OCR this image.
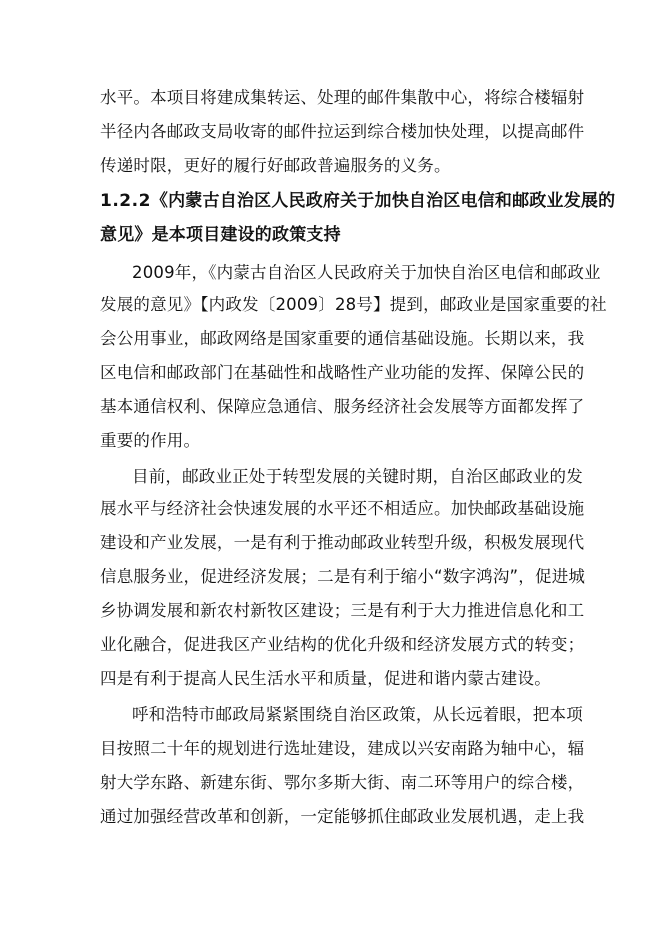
水平。本项目将建成集转运、处理的邮件集散中心，将综合楼辐射
半径内各邮政支局收寄的邮件拉运到综合楼加快处理，以提高邮件
传递时限，更好的履行好邮政普遍服务的义务。
1.2.2《内蒙古自治区人民政府关于加快自治区电信和邮政业发展的
意见》是本项目建设的政策支持
2009年，《内蒙古自治区人民政府关于加快自治区电信和邮政业
发展的意见》【内政发〔2009〕28号】提到，邮政业是国家重要的社
会公用事业，邮政网络是国家重要的通信基础设施。长期以来，我
区电信和邮政部门在基础性和战略性产业功能的发挥、保障公民的
基本通信权利、保障应急通信、服务经济社会发展等方面都发挥了
重要的作用。
目前，邮政业正处于转型发展的关键时期，自治区邮政业的发
展水平与经济社会快速发展的水平还不相适应。加快邮政基础设施
建设和产业发展，一是有利于推动邮政业转型升级，积极发展现代
信息服务业，促进经济发展；二是有利于缩小“数字鸿沟”，促进城
乡协调发展和新农村新牧区建设；三是有利于大力推进信息化和工
业化融合，促进我区产业结构的优化升级和经济发展方式的转变；
四是有利于提高人民生活水平和质量，促进和谐内蒙古建设。
呼和浩特市邮政局紧紧围绕自治区政策，从长远着眼，把本项
目按照二十年的规划进行选址建设，建成以兴安南路为轴中心，辐
射大学东路、新建东街、鄂尔多斯大街、南二环等用户的综合楼，
通过加强经营改革和创新，一定能够抓住邮政业发展机遇，走上我
